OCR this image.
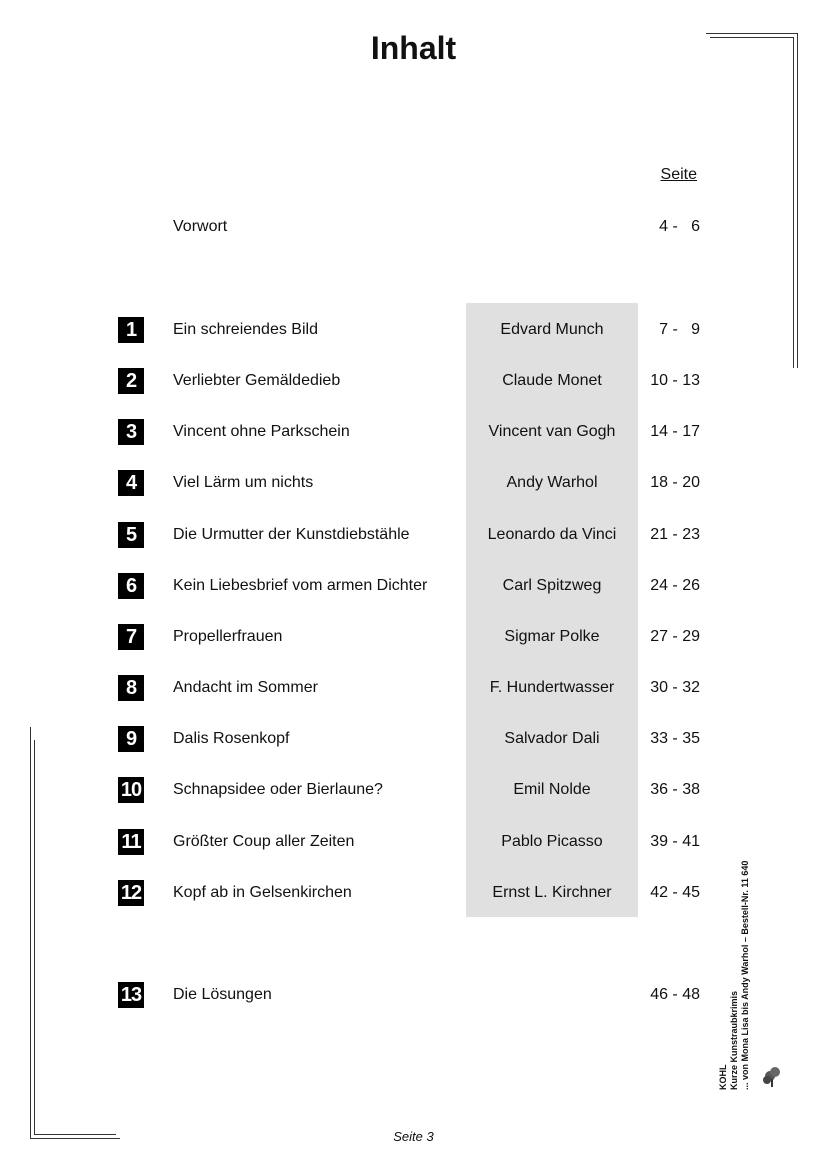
Inhalt
Seite
Vorwort	4 -   6
1	Ein schreiendes Bild	Edvard Munch	7 -   9
2	Verliebter Gemäldedieb	Claude Monet	10 - 13
3	Vincent ohne Parkschein	Vincent van Gogh	14 - 17
4	Viel Lärm um nichts	Andy Warhol	18 - 20
5	Die Urmutter der Kunstdiebstähle	Leonardo da Vinci	21 - 23
6	Kein Liebesbrief vom armen Dichter	Carl Spitzweg	24 - 26
7	Propellerfrauen	Sigmar Polke	27 - 29
8	Andacht im Sommer	F. Hundertwasser	30 - 32
9	Dalis Rosenkopf	Salvador Dali	33 - 35
10 Schnapsidee oder Bierlaune?	Emil Nolde	36 - 38
11 Größter Coup aller Zeiten	Pablo Picasso	39 - 41
12 Kopf ab in Gelsenkirchen	Ernst L. Kirchner	42 - 45
13 Die Lösungen	46 - 48
KOHL Kurze Kunstraubkrimis ... von Mona Lisa bis Andy Warhol – Bestell-Nr. 11 640
Seite 3
